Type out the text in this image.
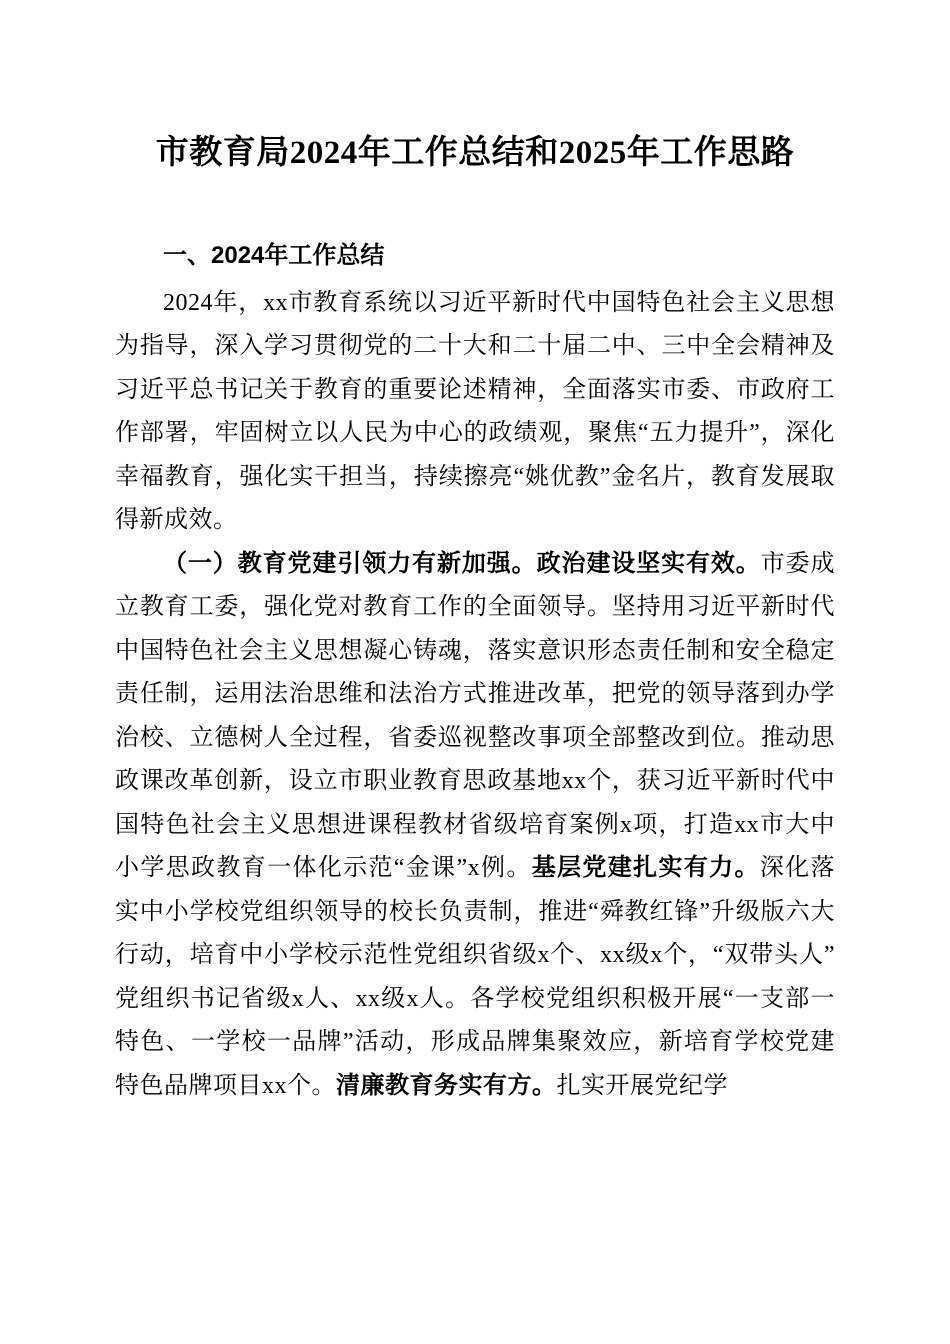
市教育局2024年工作总结和2025年工作思路
一、2024年工作总结

2024年，xx市教育系统以习近平新时代中国特色社会主义思想为指导，深入学习贯彻党的二十大和二十届二中、三中全会精神及习近平总书记关于教育的重要论述精神，全面落实市委、市政府工作部署，牢固树立以人民为中心的政绩观，聚焦“五力提升”，深化幸福教育，强化实干担当，持续擦亮“姚优教”金名片，教育发展取得新成效。

（一）教育党建引领力有新加强。政治建设坚实有效。市委成立教育工委，强化党对教育工作的全面领导。坚持用习近平新时代中国特色社会主义思想凝心铸魂，落实意识形态责任制和安全稳定责任制，运用法治思维和法治方式推进改革，把党的领导落到办学治校、立德树人全过程，省委巡视整改事项全部整改到位。推动思政课改革创新，设立市职业教育思政基地xx个，获习近平新时代中国特色社会主义思想进课程教材省级培育案例x项，打造xx市大中小学思政教育一体化示范“金课”x例。基层党建扎实有力。深化落实中小学校党组织领导的校长负责制，推进“舜教红锋”升级版六大行动，培育中小学校示范性党组织省级x个、xx级x个，“双带头人”党组织书记省级x人、xx级x人。各学校党组织积极开展“一支部一特色、一学校一品牌”活动，形成品牌集聚效应，新培育学校党建特色品牌项目xx个。清廉教育务实有方。扎实开展党纪学
